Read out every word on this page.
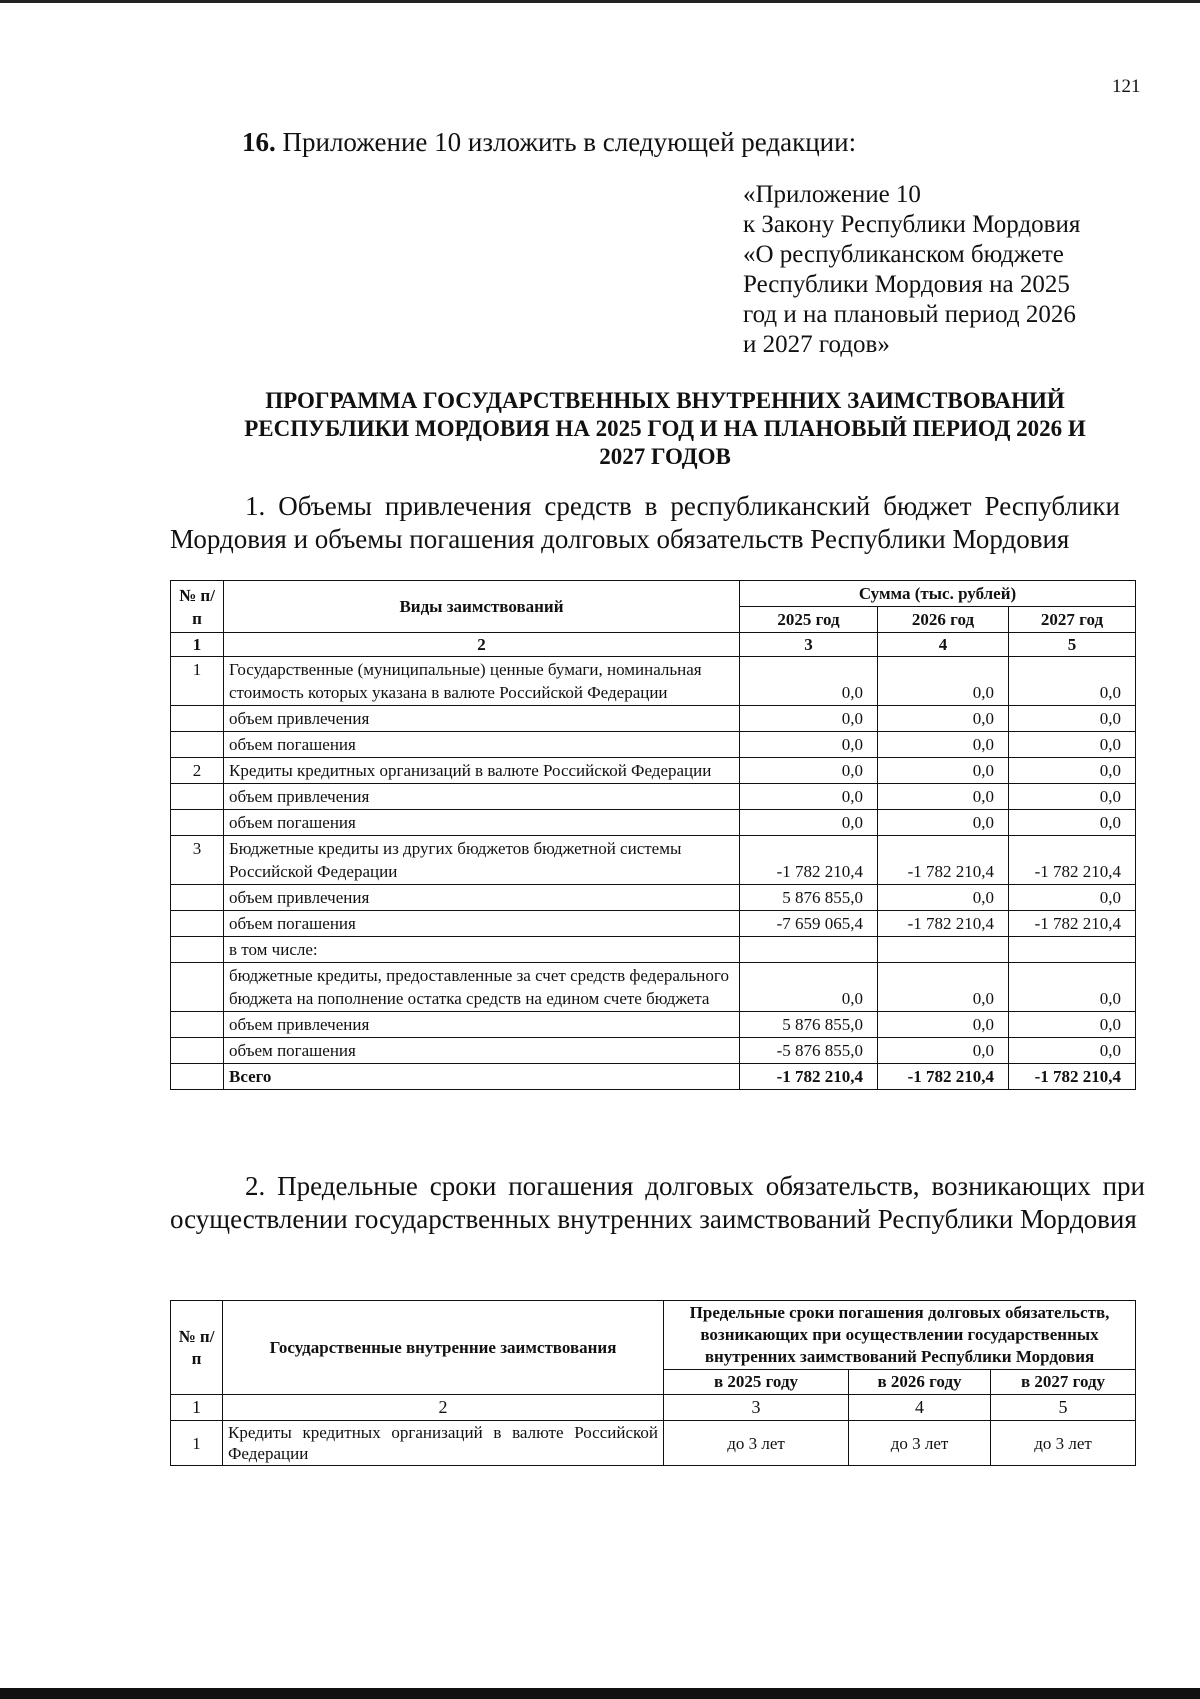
121
16. Приложение 10 изложить в следующей редакции:
«Приложение 10
к Закону Республики Мордовия
«О республиканском бюджете
Республики Мордовия на 2025
год и на плановый период 2026
и 2027 годов»
ПРОГРАММА ГОСУДАРСТВЕННЫХ ВНУТРЕННИХ ЗАИМСТВОВАНИЙ
РЕСПУБЛИКИ МОРДОВИЯ НА 2025 ГОД И НА ПЛАНОВЫЙ ПЕРИОД 2026 И
2027 ГОДОВ
1. Объемы привлечения средств в республиканский бюджет Республики Мордовия и объемы погашения долговых обязательств Республики Мордовия
№ п/п	Виды заимствований	Сумма (тыс. рублей)		
		2025 год	2026 год	2027 год
1	2	3	4	5
1	Государственные (муниципальные) ценные бумаги, номинальная стоимость которых указана в валюте Российской Федерации	0,0	0,0	0,0
	объем привлечения	0,0	0,0	0,0
	объем погашения	0,0	0,0	0,0
2	Кредиты кредитных организаций в валюте Российской Федерации	0,0	0,0	0,0
	объем привлечения	0,0	0,0	0,0
	объем погашения	0,0	0,0	0,0
3	Бюджетные кредиты из других бюджетов бюджетной системы Российской Федерации	-1 782 210,4	-1 782 210,4	-1 782 210,4
	объем привлечения	5 876 855,0	0,0	0,0
	объем погашения	-7 659 065,4	-1 782 210,4	-1 782 210,4
	в том числе:			
	бюджетные кредиты, предоставленные за счет средств федерального бюджета на пополнение остатка средств на едином счете бюджета	0,0	0,0	0,0
	объем привлечения	5 876 855,0	0,0	0,0
	объем погашения	-5 876 855,0	0,0	0,0
	Всего	-1 782 210,4	-1 782 210,4	-1 782 210,4
2. Предельные сроки погашения долговых обязательств, возникающих при осуществлении государственных внутренних заимствований Республики Мордовия
№ п/п	Государственные внутренние заимствования	Предельные сроки погашения долговых обязательств, возникающих при осуществлении государственных внутренних заимствований Республики Мордовия		
		в 2025 году	в 2026 году	в 2027 году
1	2	3	4	5
1	Кредиты кредитных организаций в валюте Российской Федерации	до 3 лет	до 3 лет	до 3 лет
